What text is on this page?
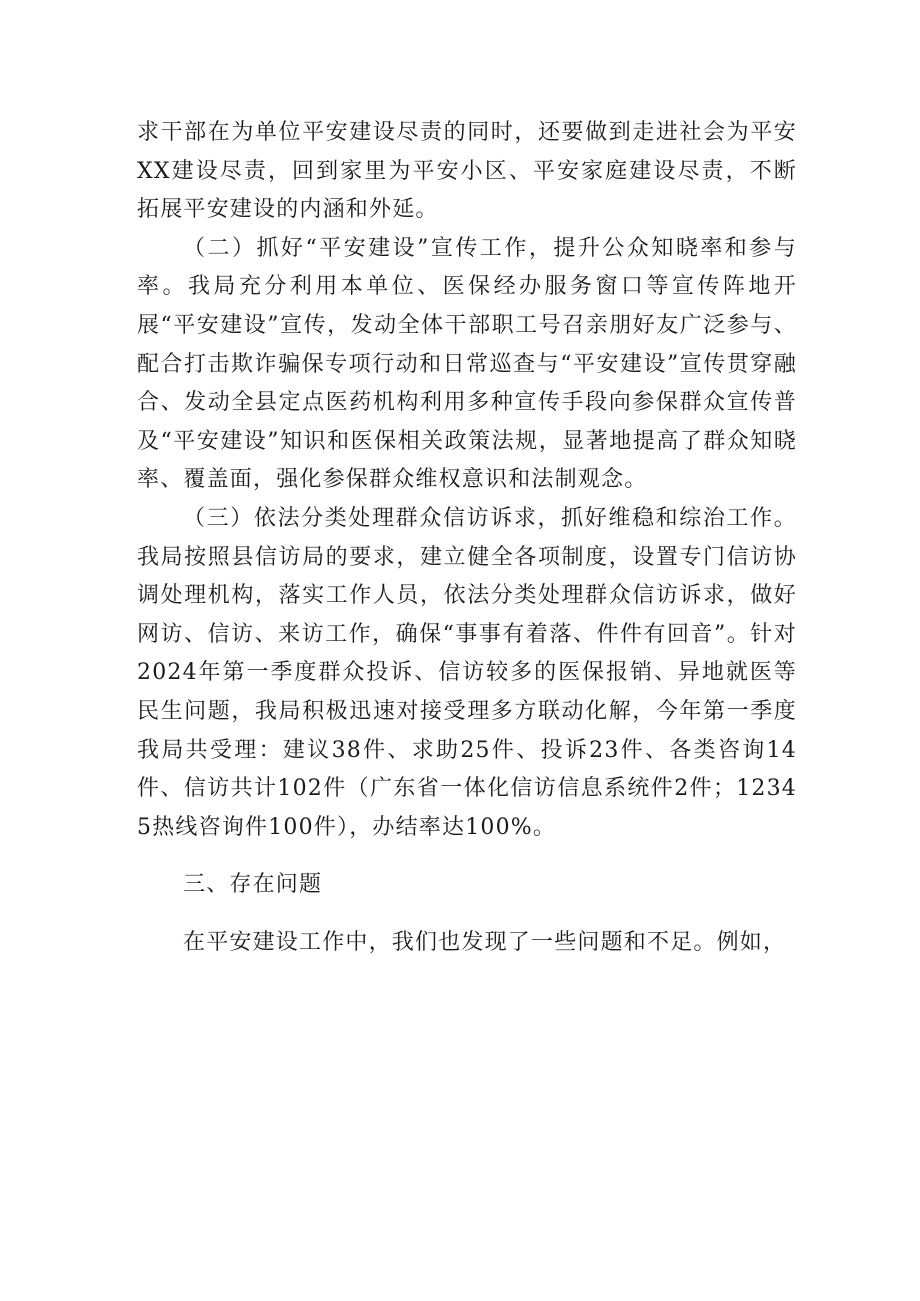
求干部在为单位平安建设尽责的同时，还要做到走进社会为平安XX建设尽责，回到家里为平安小区、平安家庭建设尽责，不断拓展平安建设的内涵和外延。

（二）抓好“平安建设”宣传工作，提升公众知晓率和参与率。我局充分利用本单位、医保经办服务窗口等宣传阵地开展“平安建设”宣传，发动全体干部职工号召亲朋好友广泛参与、配合打击欺诈骗保专项行动和日常巡查与“平安建设”宣传贯穿融合、发动全县定点医药机构利用多种宣传手段向参保群众宣传普及“平安建设”知识和医保相关政策法规，显著地提高了群众知晓率、覆盖面，强化参保群众维权意识和法制观念。

（三）依法分类处理群众信访诉求，抓好维稳和综治工作。我局按照县信访局的要求，建立健全各项制度，设置专门信访协调处理机构，落实工作人员，依法分类处理群众信访诉求，做好网访、信访、来访工作，确保“事事有着落、件件有回音”。针对2024年第一季度群众投诉、信访较多的医保报销、异地就医等民生问题，我局积极迅速对接受理多方联动化解，今年第一季度我局共受理：建议38件、求助25件、投诉23件、各类咨询14件、信访共计102件（广东省一体化信访信息系统件2件；12345热线咨询件100件），办结率达100%。

三、存在问题

在平安建设工作中，我们也发现了一些问题和不足。例如，
